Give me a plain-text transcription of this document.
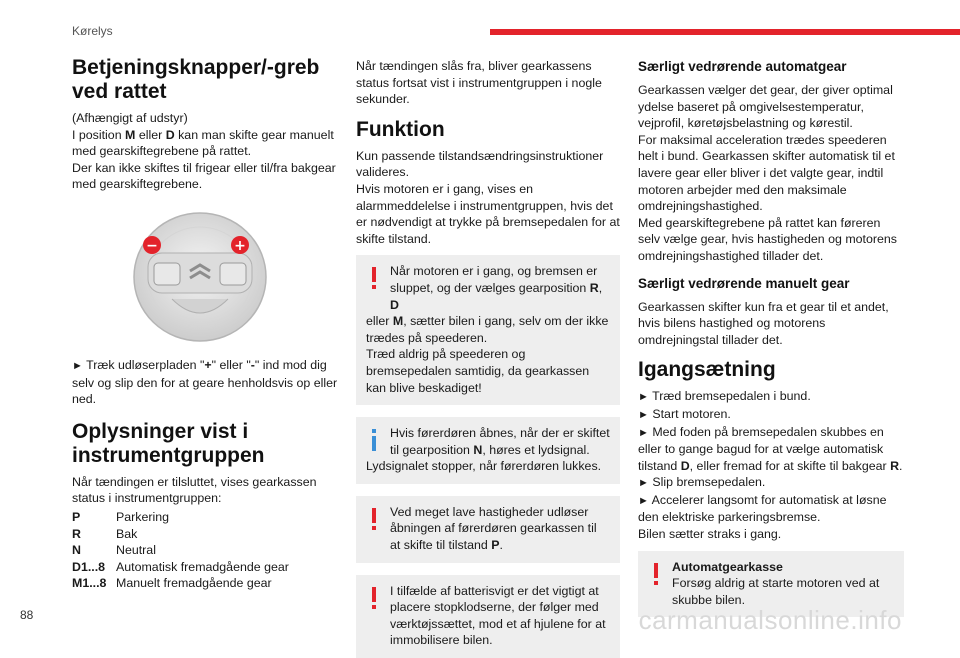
Kørelys
Betjeningsknapper/-greb ved rattet

(Afhængigt af udstyr)

I position M eller D kan man skifte gear manuelt med gearskiftegrebene på rattet.

Der kan ikke skiftes til frigear eller til/fra bakgear med gearskiftegrebene.

−	+

► Træk udløserpladen "+" eller "-" ind mod dig selv og slip den for at geare henholdsvis op eller ned.

Oplysninger vist i instrumentgruppen

Når tændingen er tilsluttet, vises gearkassen status i instrumentgruppen:

P	Parkering
R	Bak
N	Neutral
D1...8 Automatisk fremadgående gear
M1...8 Manuelt fremadgående gear

Når tændingen slås fra, bliver gearkassens status fortsat vist i instrumentgruppen i nogle sekunder.

Funktion

Kun passende tilstandsændringsinstruktioner valideres.

Hvis motoren er i gang, vises en alarmmeddelelse i instrumentgruppen, hvis det er nødvendigt at trykke på bremsepedalen for at skifte tilstand.

Når motoren er i gang, og bremsen er sluppet, og der vælges gearposition R, D
eller M, sætter bilen i gang, selv om der ikke trædes på speederen.

Træd aldrig på speederen og bremsepedalen samtidig, da gearkassen kan blive beskadiget!

Hvis førerdøren åbnes, når der er skiftet til gearposition N, høres et lydsignal.

Lydsignalet stopper, når førerdøren lukkes.

Ved meget lave hastigheder udløser åbningen af førerdøren gearkassen til at skifte til tilstand P.
I tilfælde af batterisvigt er det vigtigt at placere stopklodserne, der følger med værktøjssættet, mod et af hjulene for at immobilisere bilen.
Særligt vedrørende automatgear

Gearkassen vælger det gear, der giver optimal ydelse baseret på omgivelsestemperatur, vejprofil, køretøjsbelastning og kørestil.

For maksimal acceleration trædes speederen helt i bund. Gearkassen skifter automatisk til et lavere gear eller bliver i det valgte gear, indtil motoren arbejder med den maksimale omdrejningshastighed.

Med gearskiftegrebene på rattet kan føreren selv vælge gear, hvis hastigheden og motorens omdrejningshastighed tillader det.

Særligt vedrørende manuelt gear

Gearkassen skifter kun fra et gear til et andet, hvis bilens hastighed og motorens omdrejningstal tillader det.

Igangsætning

► Træd bremsepedalen i bund.

► Start motoren.

► Med foden på bremsepedalen skubbes en eller to gange bagud for at vælge automatisk tilstand D, eller fremad for at skifte til bakgear R.

► Slip bremsepedalen.

► Accelerer langsomt for automatisk at løsne den elektriske parkeringsbremse.

Bilen sætter straks i gang.

Automatgearkasse
Forsøg aldrig at starte motoren ved at skubbe bilen.
88	carmanualsonline.info
